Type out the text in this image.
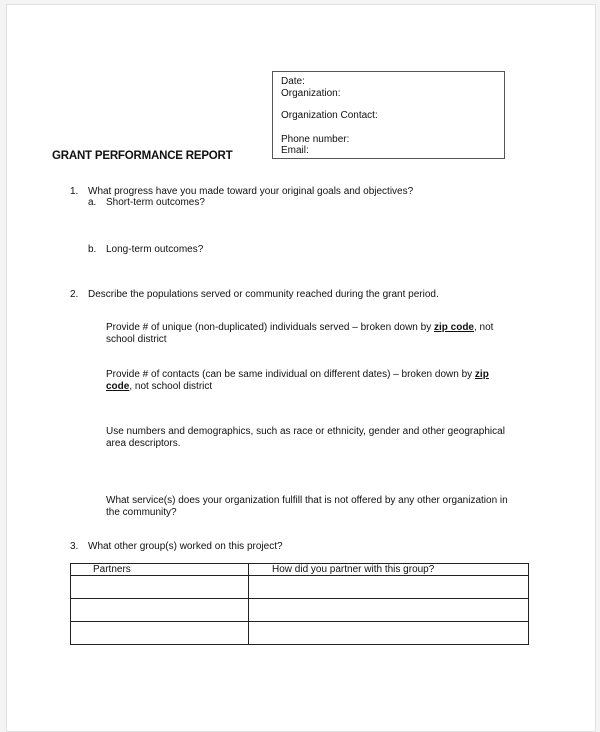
Date:
Organization:
Organization Contact:
Phone number:
Email:
GRANT PERFORMANCE REPORT
1. What progress have you made toward your original goals and objectives?
a. Short-term outcomes?
b. Long-term outcomes?
2. Describe the populations served or community reached during the grant period.
Provide # of unique (non-duplicated) individuals served – broken down by zip code, not
school district
Provide # of contacts (can be same individual on different dates) – broken down by zip
code, not school district
Use numbers and demographics, such as race or ethnicity, gender and other geographical
area descriptors.
What service(s) does your organization fulfill that is not offered by any other organization in
the community?
3. What other group(s) worked on this project?
Partners	How did you partner with this group?
